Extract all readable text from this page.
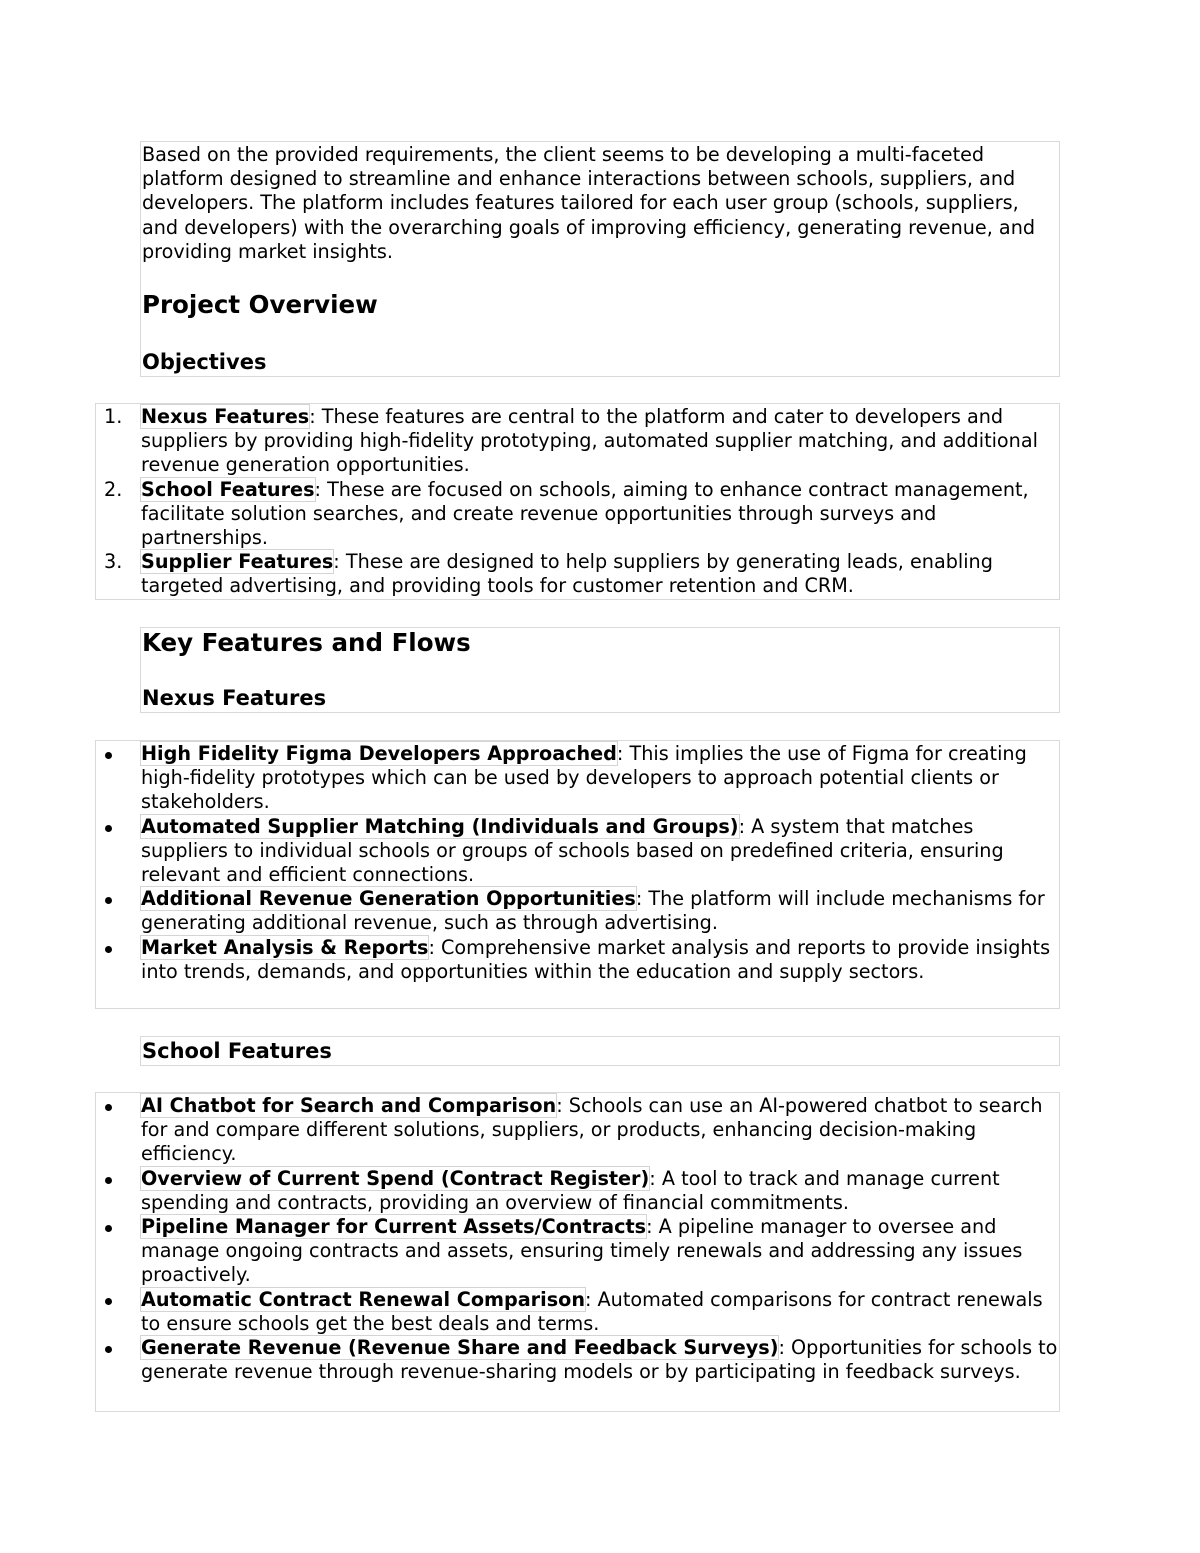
Based on the provided requirements, the client seems to be developing a multi-faceted platform designed to streamline and enhance interactions between schools, suppliers, and developers. The platform includes features tailored for each user group (schools, suppliers, and developers) with the overarching goals of improving efficiency, generating revenue, and providing market insights.

Project Overview
Objectives
1. Nexus Features: These features are central to the platform and cater to developers and suppliers by providing high-fidelity prototyping, automated supplier matching, and additional revenue generation opportunities.
2. School Features: These are focused on schools, aiming to enhance contract management, facilitate solution searches, and create revenue opportunities through surveys and partnerships.
3. Supplier Features: These are designed to help suppliers by generating leads, enabling targeted advertising, and providing tools for customer retention and CRM.
Key Features and Flows
Nexus Features
High Fidelity Figma Developers Approached: This implies the use of Figma for creating high-fidelity prototypes which can be used by developers to approach potential clients or stakeholders.
Automated Supplier Matching (Individuals and Groups): A system that matches suppliers to individual schools or groups of schools based on predefined criteria, ensuring relevant and efficient connections.
Additional Revenue Generation Opportunities: The platform will include mechanisms for generating additional revenue, such as through advertising.
Market Analysis & Reports: Comprehensive market analysis and reports to provide insights into trends, demands, and opportunities within the education and supply sectors.
School Features
AI Chatbot for Search and Comparison: Schools can use an AI-powered chatbot to search for and compare different solutions, suppliers, or products, enhancing decision-making efficiency.
Overview of Current Spend (Contract Register): A tool to track and manage current spending and contracts, providing an overview of financial commitments.
Pipeline Manager for Current Assets/Contracts: A pipeline manager to oversee and manage ongoing contracts and assets, ensuring timely renewals and addressing any issues proactively.
Automatic Contract Renewal Comparison: Automated comparisons for contract renewals to ensure schools get the best deals and terms.
Generate Revenue (Revenue Share and Feedback Surveys): Opportunities for schools to generate revenue through revenue-sharing models or by participating in feedback surveys.
